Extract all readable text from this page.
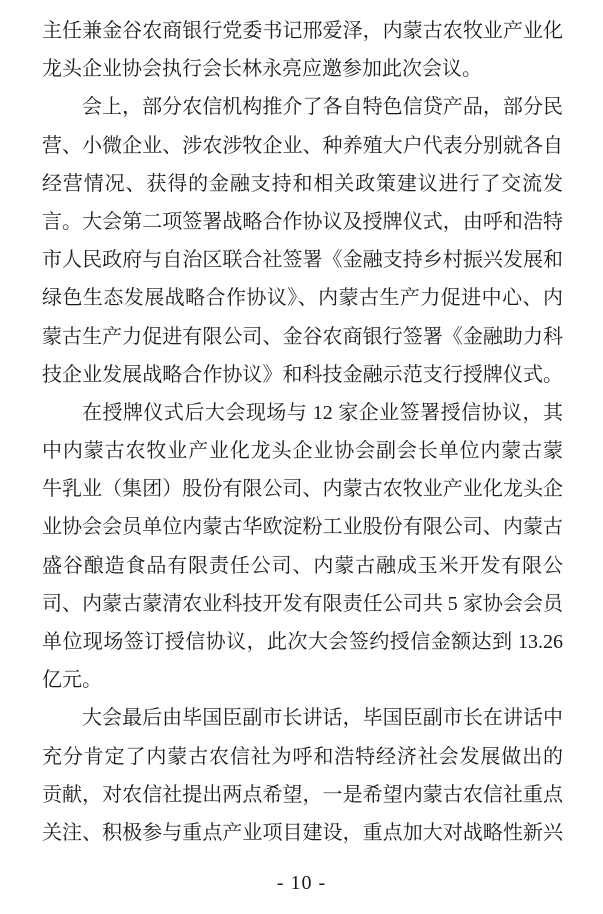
主任兼金谷农商银行党委书记邢爱泽，内蒙古农牧业产业化
龙头企业协会执行会长林永亮应邀参加此次会议。
会上，部分农信机构推介了各自特色信贷产品，部分民
营、小微企业、涉农涉牧企业、种养殖大户代表分别就各自
经营情况、获得的金融支持和相关政策建议进行了交流发
言。大会第二项签署战略合作协议及授牌仪式，由呼和浩特
市人民政府与自治区联合社签署《金融支持乡村振兴发展和
绿色生态发展战略合作协议》、内蒙古生产力促进中心、内
蒙古生产力促进有限公司、金谷农商银行签署《金融助力科
技企业发展战略合作协议》和科技金融示范支行授牌仪式。
在授牌仪式后大会现场与 12 家企业签署授信协议，其
中内蒙古农牧业产业化龙头企业协会副会长单位内蒙古蒙
牛乳业（集团）股份有限公司、内蒙古农牧业产业化龙头企
业协会会员单位内蒙古华欧淀粉工业股份有限公司、内蒙古
盛谷酿造食品有限责任公司、内蒙古融成玉米开发有限公
司、内蒙古蒙清农业科技开发有限责任公司共 5 家协会会员
单位现场签订授信协议，此次大会签约授信金额达到 13.26
亿元。
大会最后由毕国臣副市长讲话，毕国臣副市长在讲话中
充分肯定了内蒙古农信社为呼和浩特经济社会发展做出的
贡献，对农信社提出两点希望，一是希望内蒙古农信社重点
关注、积极参与重点产业项目建设，重点加大对战略性新兴
- 10 -
